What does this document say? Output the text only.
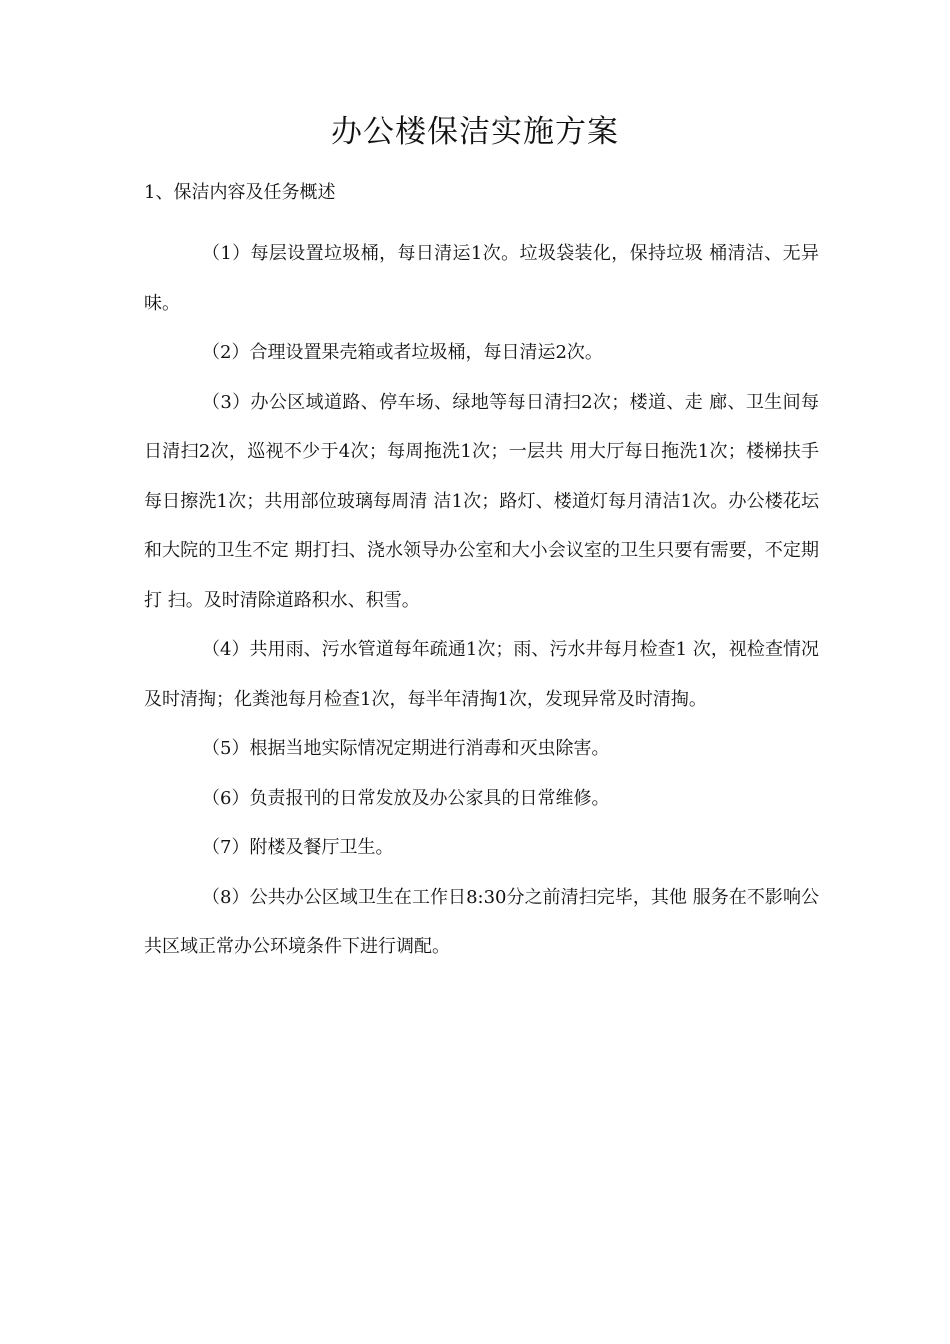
办公楼保洁实施方案
1、保洁内容及任务概述

（1）每层设置垃圾桶，每日清运1次。垃圾袋装化，保持垃圾 桶清洁、无异味。

（2）合理设置果壳箱或者垃圾桶，每日清运2次。

（3）办公区域道路、停车场、绿地等每日清扫2次；楼道、走 廊、卫生间每日清扫2次，巡视不少于4次；每周拖洗1次；一层共 用大厅每日拖洗1次；楼梯扶手每日擦洗1次；共用部位玻璃每周清 洁1次；路灯、楼道灯每月清洁1次。办公楼花坛和大院的卫生不定 期打扫、浇水领导办公室和大小会议室的卫生只要有需要，不定期打 扫。及时清除道路积水、积雪。

（4）共用雨、污水管道每年疏通1次；雨、污水井每月检查1 次，视检查情况及时清掏；化粪池每月检查1次，每半年清掏1次，发现异常及时清掏。

（5）根据当地实际情况定期进行消毒和灭虫除害。

（6）负责报刊的日常发放及办公家具的日常维修。

（7）附楼及餐厅卫生。

（8）公共办公区域卫生在工作日8:30分之前清扫完毕，其他 服务在不影响公共区域正常办公环境条件下进行调配。
